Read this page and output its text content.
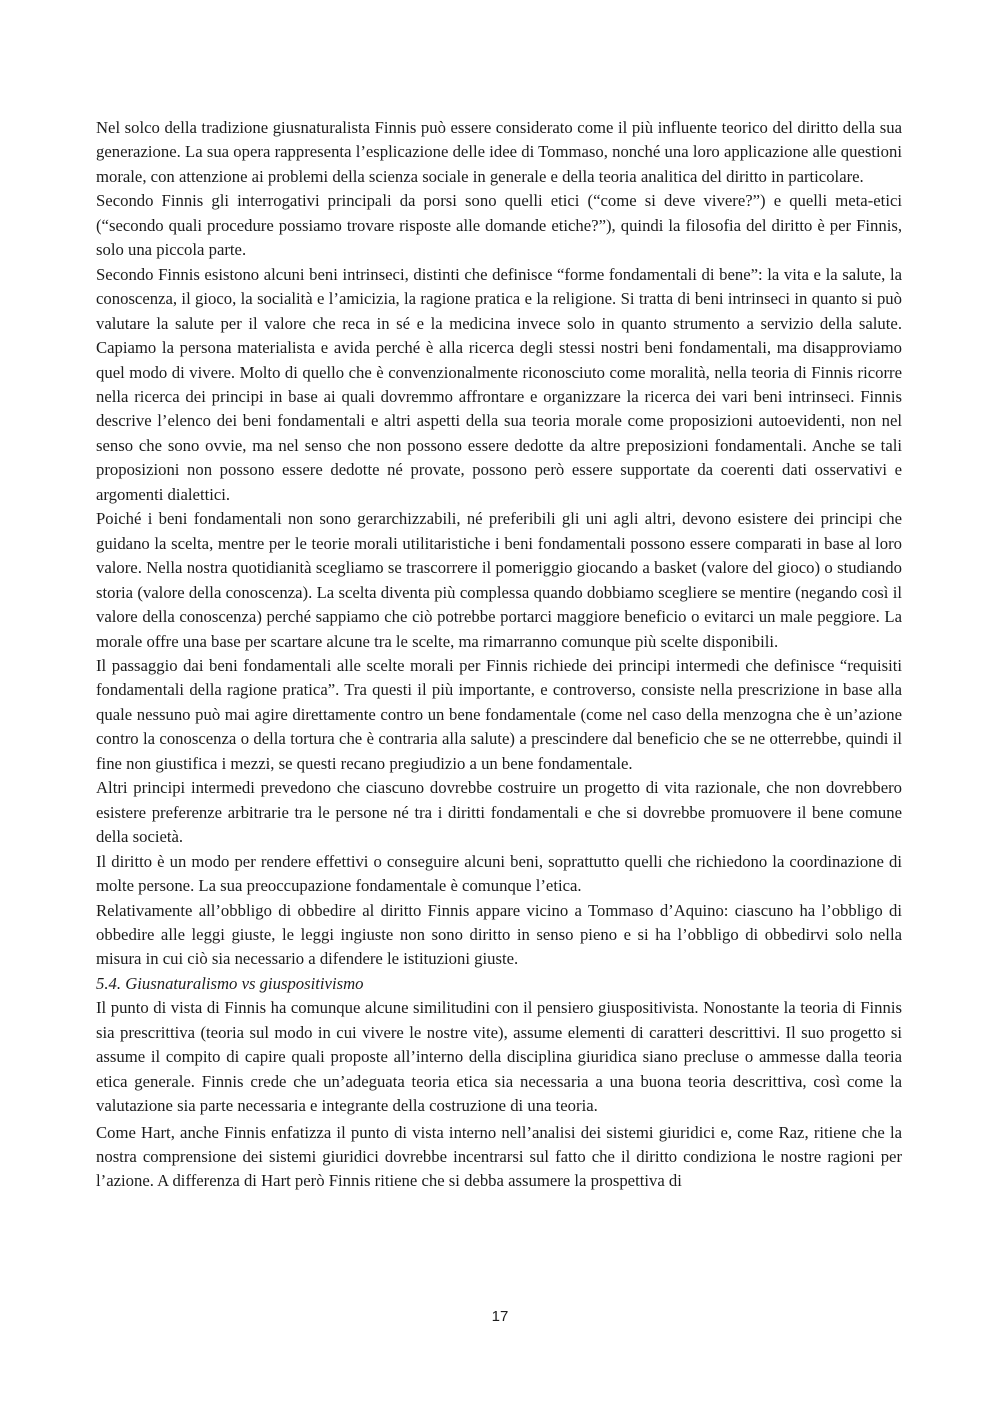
Nel solco della tradizione giusnaturalista Finnis può essere considerato come il più influente teorico del diritto della sua generazione. La sua opera rappresenta l’esplicazione delle idee di Tommaso, nonché una loro applicazione alle questioni morale, con attenzione ai problemi della scienza sociale in generale e della teoria analitica del diritto in particolare.

Secondo Finnis gli interrogativi principali da porsi sono quelli etici (“come si deve vivere?”) e quelli meta-etici (“secondo quali procedure possiamo trovare risposte alle domande etiche?”), quindi la filosofia del diritto è per Finnis, solo una piccola parte.

Secondo Finnis esistono alcuni beni intrinseci, distinti che definisce “forme fondamentali di bene”: la vita e la salute, la conoscenza, il gioco, la socialità e l’amicizia, la ragione pratica e la religione. Si tratta di beni intrinseci in quanto si può valutare la salute per il valore che reca in sé e la medicina invece solo in quanto strumento a servizio della salute. Capiamo la persona materialista e avida perché è alla ricerca degli stessi nostri beni fondamentali, ma disapproviamo quel modo di vivere. Molto di quello che è convenzionalmente riconosciuto come moralità, nella teoria di Finnis ricorre nella ricerca dei principi in base ai quali dovremmo affrontare e organizzare la ricerca dei vari beni intrinseci. Finnis descrive l’elenco dei beni fondamentali e altri aspetti della sua teoria morale come proposizioni autoevidenti, non nel senso che sono ovvie, ma nel senso che non possono essere dedotte da altre preposizioni fondamentali. Anche se tali proposizioni non possono essere dedotte né provate, possono però essere supportate da coerenti dati osservativi e argomenti dialettici.

Poiché i beni fondamentali non sono gerarchizzabili, né preferibili gli uni agli altri, devono esistere dei principi che guidano la scelta, mentre per le teorie morali utilitaristiche i beni fondamentali possono essere comparati in base al loro valore. Nella nostra quotidianità scegliamo se trascorrere il pomeriggio giocando a basket (valore del gioco) o studiando storia (valore della conoscenza). La scelta diventa più complessa quando dobbiamo scegliere se mentire (negando così il valore della conoscenza) perché sappiamo che ciò potrebbe portarci maggiore beneficio o evitarci un male peggiore. La morale offre una base per scartare alcune tra le scelte, ma rimarranno comunque più scelte disponibili.

Il passaggio dai beni fondamentali alle scelte morali per Finnis richiede dei principi intermedi che definisce “requisiti fondamentali della ragione pratica”. Tra questi il più importante, e controverso, consiste nella prescrizione in base alla quale nessuno può mai agire direttamente contro un bene fondamentale (come nel caso della menzogna che è un’azione contro la conoscenza o della tortura che è contraria alla salute) a prescindere dal beneficio che se ne otterrebbe, quindi il fine non giustifica i mezzi, se questi recano pregiudizio a un bene fondamentale.

Altri principi intermedi prevedono che ciascuno dovrebbe costruire un progetto di vita razionale, che non dovrebbero esistere preferenze arbitrarie tra le persone né tra i diritti fondamentali e che si dovrebbe promuovere il bene comune della società.

Il diritto è un modo per rendere effettivi o conseguire alcuni beni, soprattutto quelli che richiedono la coordinazione di molte persone. La sua preoccupazione fondamentale è comunque l’etica.

Relativamente all’obbligo di obbedire al diritto Finnis appare vicino a Tommaso d’Aquino: ciascuno ha l’obbligo di obbedire alle leggi giuste, le leggi ingiuste non sono diritto in senso pieno e si ha l’obbligo di obbedirvi solo nella misura in cui ciò sia necessario a difendere le istituzioni giuste.

5.4. Giusnaturalismo vs giuspositivismo

Il punto di vista di Finnis ha comunque alcune similitudini con il pensiero giuspositivista. Nonostante la teoria di Finnis sia prescrittiva (teoria sul modo in cui vivere le nostre vite), assume elementi di caratteri descrittivi. Il suo progetto si assume il compito di capire quali proposte all’interno della disciplina giuridica siano precluse o ammesse dalla teoria etica generale. Finnis crede che un’adeguata teoria etica sia necessaria a una buona teoria descrittiva, così come la valutazione sia parte necessaria e integrante della costruzione di una teoria.

Come Hart, anche Finnis enfatizza il punto di vista interno nell’analisi dei sistemi giuridici e, come Raz, ritiene che la nostra comprensione dei sistemi giuridici dovrebbe incentrarsi sul fatto che il diritto condiziona le nostre ragioni per l’azione. A differenza di Hart però Finnis ritiene che si debba assumere la prospettiva di

17
